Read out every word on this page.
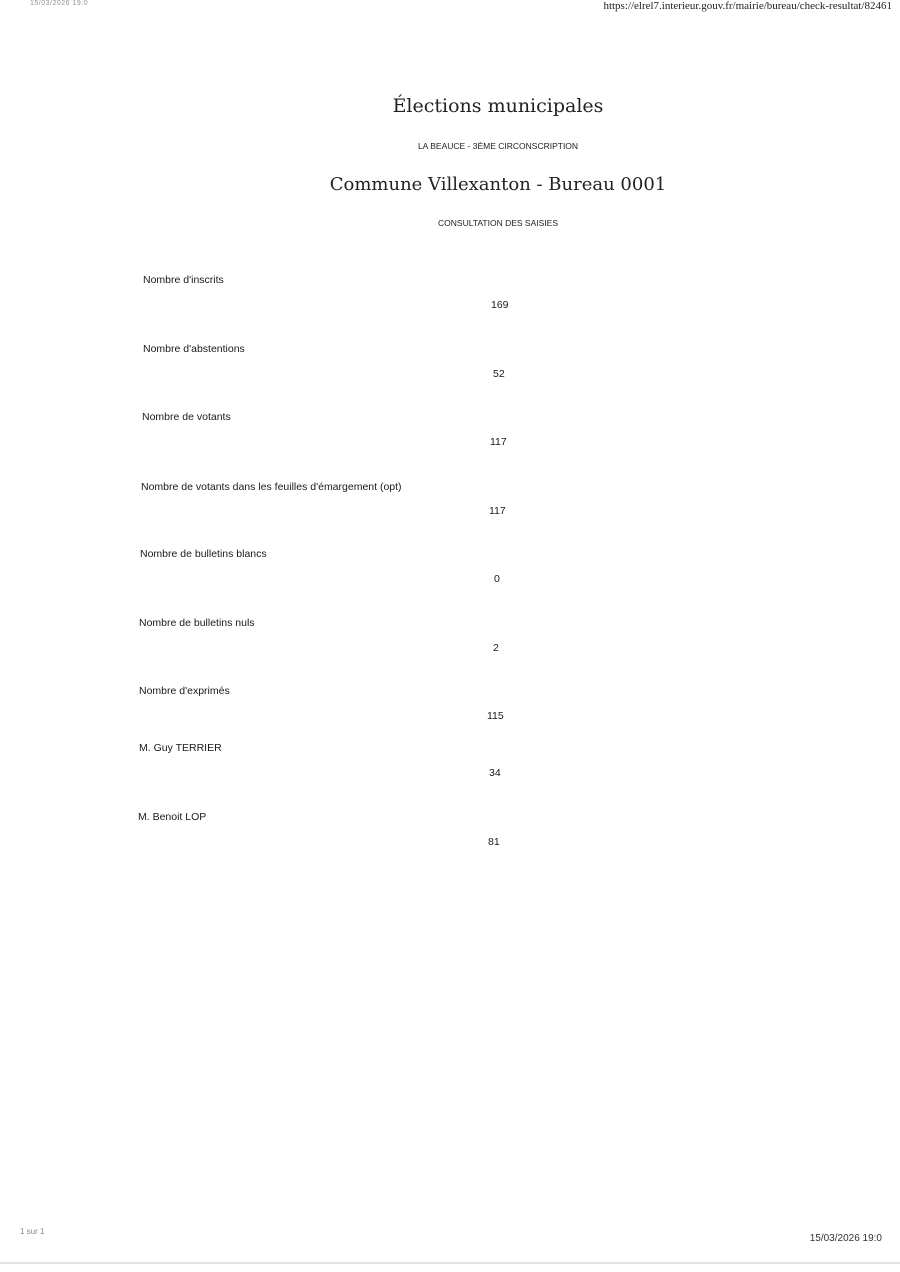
15/03/2026 19:0	https://elrel7.interieur.gouv.fr/mairie/bureau/check-resultat/82461
Élections municipales
LA BEAUCE - 3ÈME CIRCONSCRIPTION
Commune Villexanton - Bureau 0001
CONSULTATION DES SAISIES
Nombre d'inscrits
169
Nombre d'abstentions
52
Nombre de votants
117
Nombre de votants dans les feuilles d'émargement (opt)
117
Nombre de bulletins blancs
0
Nombre de bulletins nuls
2
Nombre d'exprimés
115
M. Guy TERRIER
34
M. Benoit LOP
81
1 sur 1
15/03/2026 19:0
